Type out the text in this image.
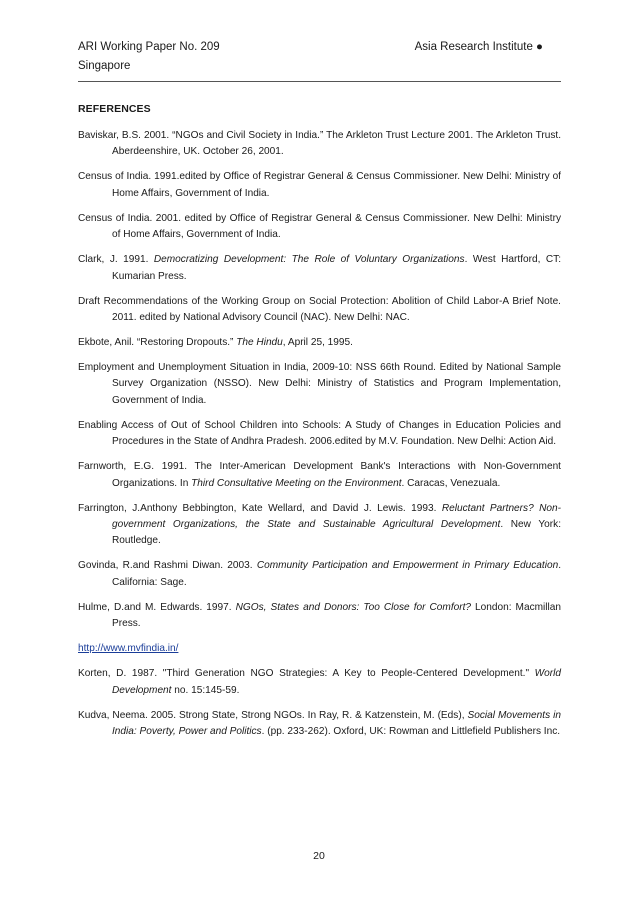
ARI Working Paper No. 209	Asia Research Institute ●
Singapore
REFERENCES

Baviskar, B.S. 2001. “NGOs and Civil Society in India.” The Arkleton Trust Lecture 2001. The Arkleton Trust. Aberdeenshire, UK. October 26, 2001.

Census of India. 1991.edited by Office of Registrar General & Census Commissioner. New Delhi: Ministry of Home Affairs, Government of India.

Census of India. 2001. edited by Office of Registrar General & Census Commissioner. New Delhi: Ministry of Home Affairs, Government of India.

Clark, J. 1991. Democratizing Development: The Role of Voluntary Organizations. West Hartford, CT: Kumarian Press.

Draft Recommendations of the Working Group on Social Protection: Abolition of Child Labor-A Brief Note. 2011. edited by National Advisory Council (NAC). New Delhi: NAC.

Ekbote, Anil. “Restoring Dropouts.” The Hindu, April 25, 1995.

Employment and Unemployment Situation in India, 2009-10: NSS 66th Round. Edited by National Sample Survey Organization (NSSO). New Delhi: Ministry of Statistics and Program Implementation, Government of India.

Enabling Access of Out of School Children into Schools: A Study of Changes in Education Policies and Procedures in the State of Andhra Pradesh. 2006.edited by M.V. Foundation. New Delhi: Action Aid.

Farnworth, E.G. 1991. The Inter-American Development Bank's Interactions with Non-Government Organizations. In Third Consultative Meeting on the Environment. Caracas, Venezuala.

Farrington, J.Anthony Bebbington, Kate Wellard, and David J. Lewis. 1993. Reluctant Partners? Non-government Organizations, the State and Sustainable Agricultural Development. New York: Routledge.

Govinda, R.and Rashmi Diwan. 2003. Community Participation and Empowerment in Primary Education. California: Sage.

Hulme, D.and M. Edwards. 1997. NGOs, States and Donors: Too Close for Comfort? London: Macmillan Press.

http://www.mvfindia.in/

Korten, D. 1987. "Third Generation NGO Strategies: A Key to People-Centered Development." World Development no. 15:145-59.

Kudva, Neema. 2005. Strong State, Strong NGOs. In Ray, R. & Katzenstein, M. (Eds), Social Movements in India: Poverty, Power and Politics. (pp. 233-262). Oxford, UK: Rowman and Littlefield Publishers Inc.

20
